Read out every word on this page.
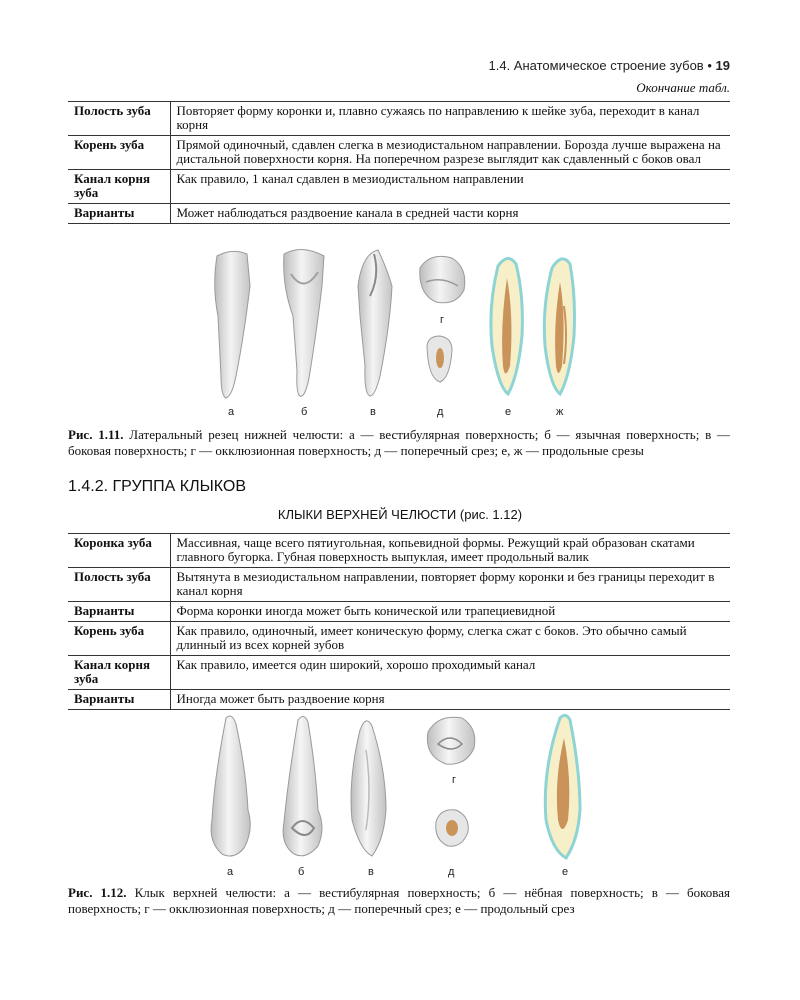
1.4. Анатомическое строение зубов • 19
Окончание табл.
Полость зуба	Повторяет форму коронки и, плавно сужаясь по направлению к шейке зуба, переходит в канал корня
Корень зуба	Прямой одиночный, сдавлен слегка в мезиодистальном направлении. Борозда лучше выражена на дистальной поверхности корня. На поперечном разрезе выглядит как сдавленный с боков овал
Канал корня зуба	Как правило, 1 канал сдавлен в мезиодистальном направлении
Варианты	Может наблюдаться раздвоение канала в средней части корня
а	б	в
г
д	е	ж
Рис. 1.11. Латеральный резец нижней челюсти: а — вестибулярная поверхность; б — язычная поверхность; в — боковая поверхность; г — окклюзионная поверхность; д — поперечный срез; е, ж — продольные срезы
1.4.2. ГРУППА КЛЫКОВ
КЛЫКИ ВЕРХНЕЙ ЧЕЛЮСТИ (рис. 1.12)
Коронка зуба	Массивная, чаще всего пятиугольная, копьевидной формы. Режущий край образован скатами главного бугорка. Губная поверхность выпуклая, имеет продольный валик
Полость зуба	Вытянута в мезиодистальном направлении, повторяет форму коронки и без границы переходит в канал корня
Варианты	Форма коронки иногда может быть конической или трапециевидной
Корень зуба	Как правило, одиночный, имеет коническую форму, слегка сжат с боков. Это обычно самый длинный из всех корней зубов
Канал корня зуба	Как правило, имеется один широкий, хорошо проходимый канал
Варианты	Иногда может быть раздвоение корня
а	б	в
г
д	е
Рис. 1.12. Клык верхней челюсти: а — вестибулярная поверхность; б — нёбная поверхность; в — боковая поверхность; г — окклюзионная поверхность; д — поперечный срез; е — продольный срез
